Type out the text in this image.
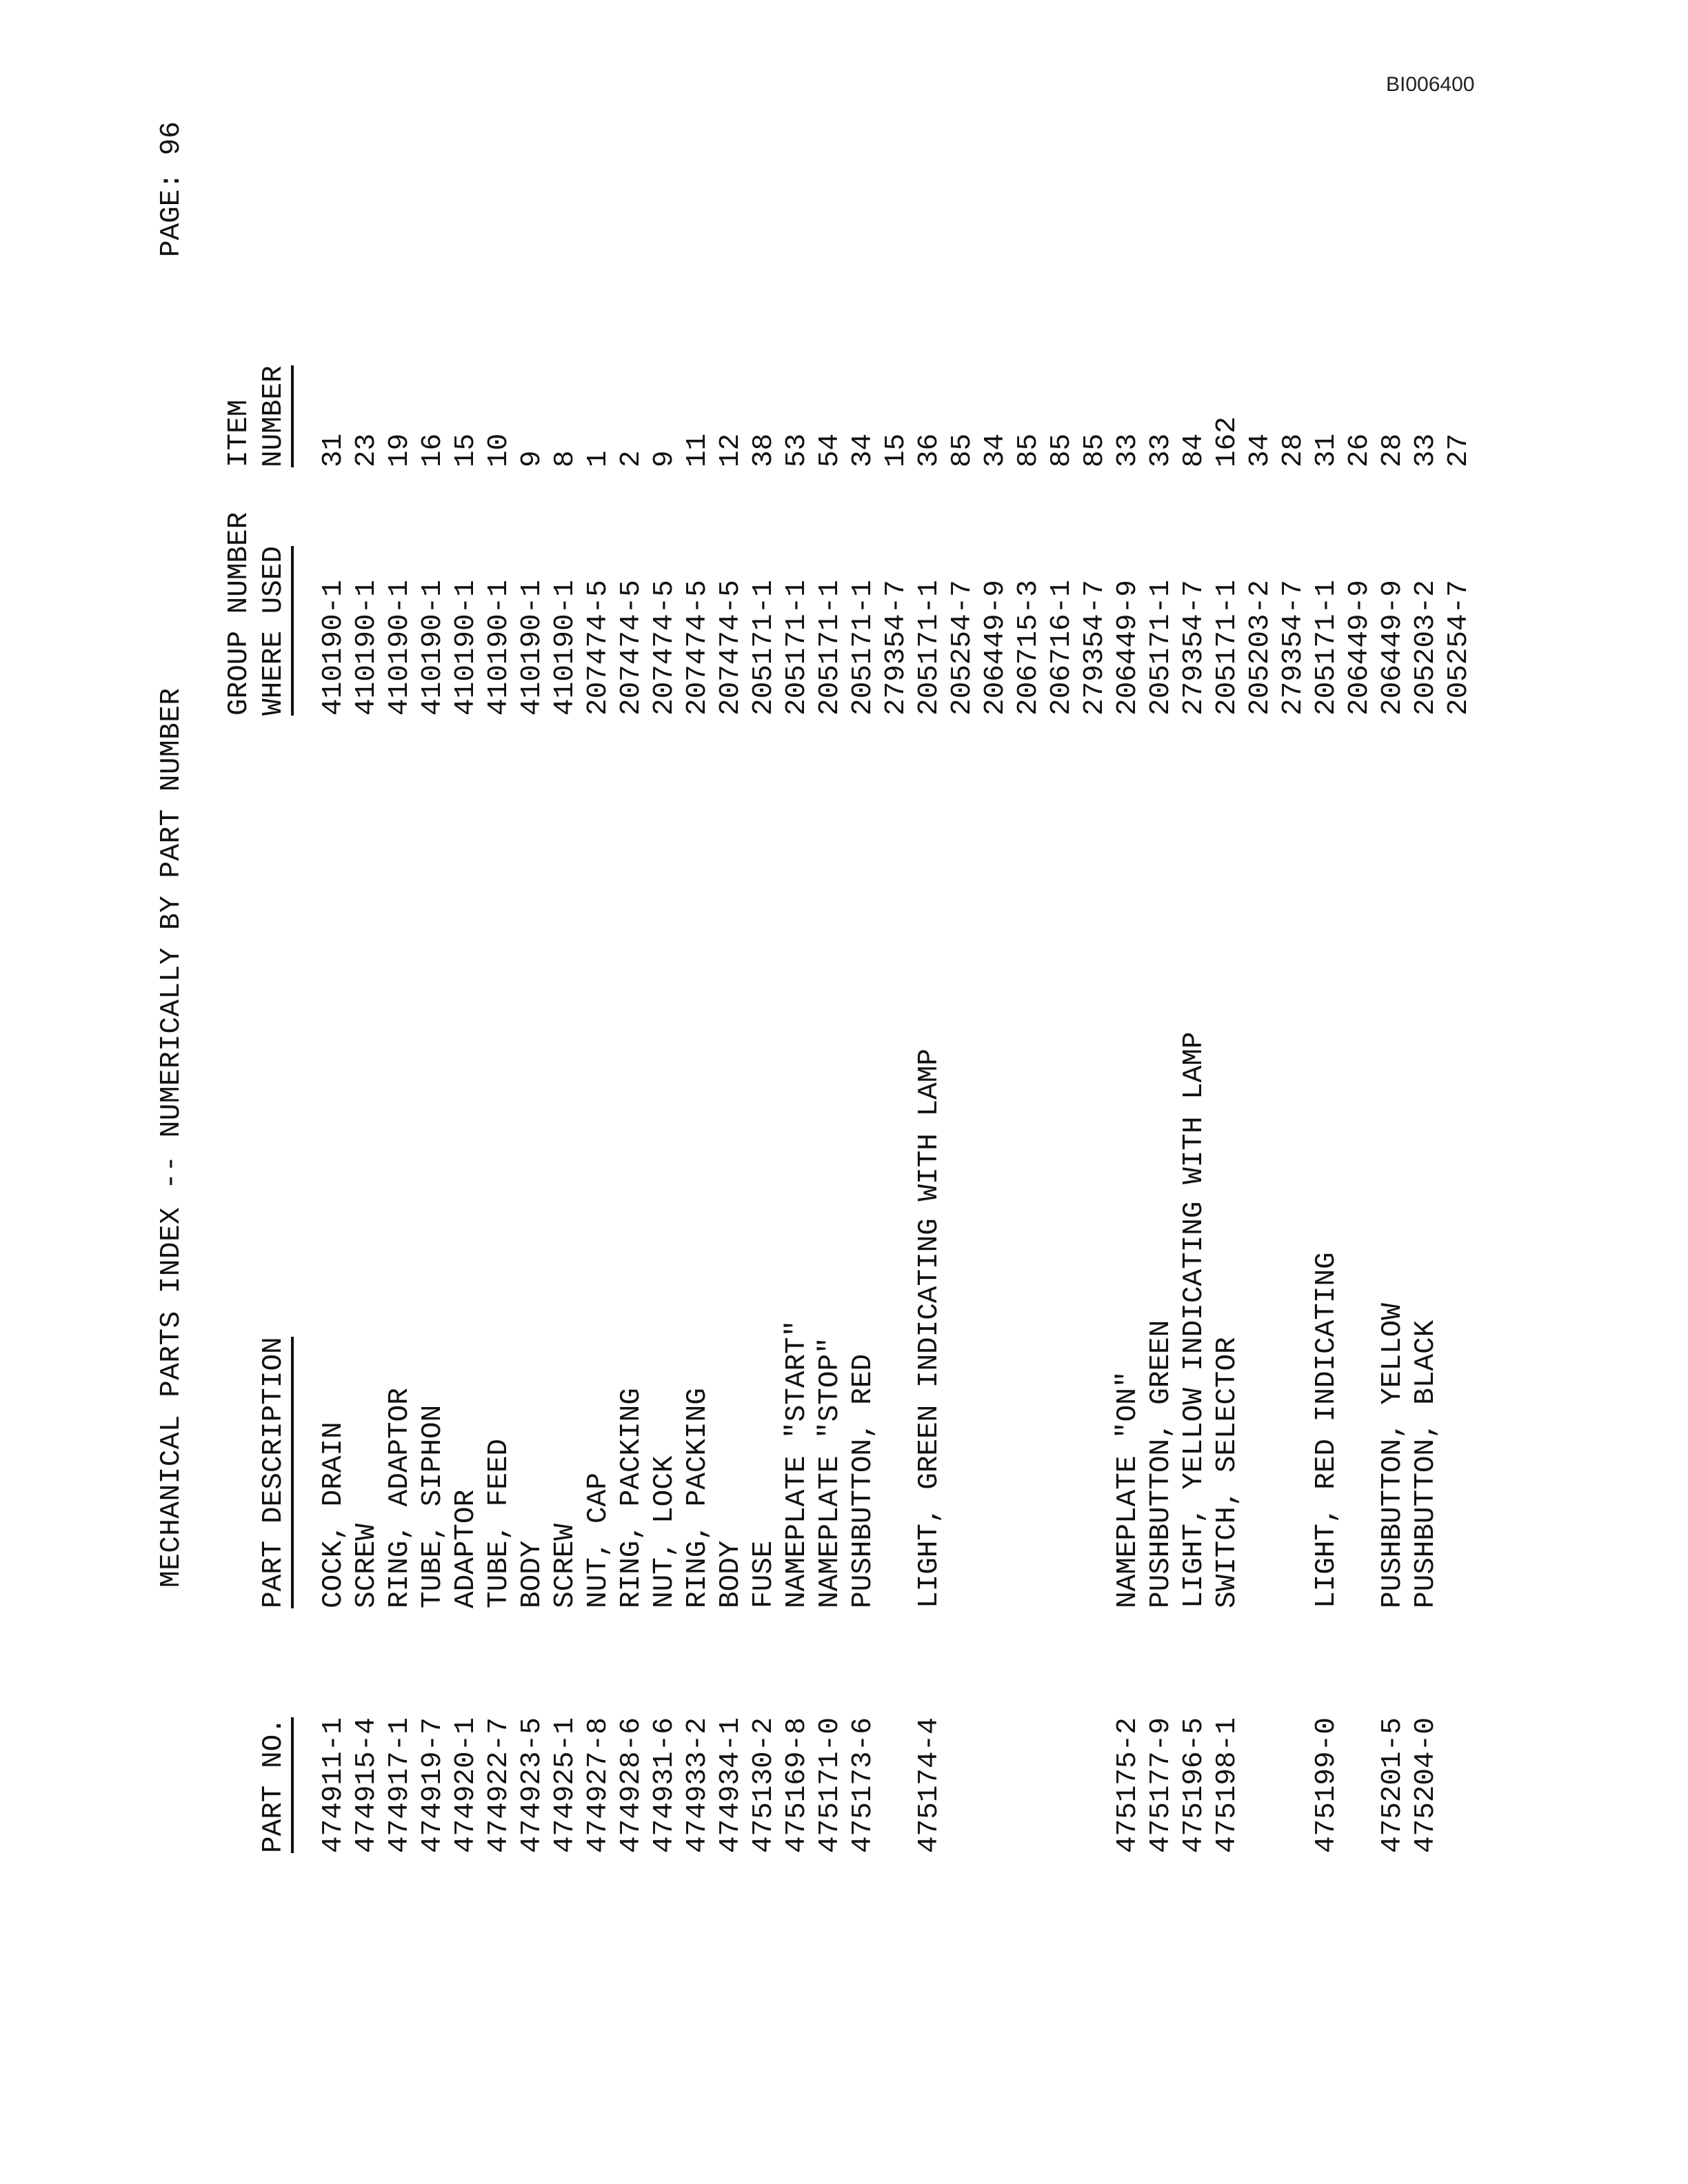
BI006400
MECHANICAL PARTS INDEX -- NUMERICALLY BY PART NUMBER
PAGE: 96
PART NO.
PART DESCRIPTION
GROUP NUMBER WHERE USED
ITEM NUMBER
474911-1
COCK, DRAIN
410190-1
31
474915-4
SCREW
410190-1
23
474917-1
RING, ADAPTOR
410190-1
19
474919-7
TUBE, SIPHON
410190-1
16
474920-1
ADAPTOR
410190-1
15
474922-7
TUBE, FEED
410190-1
10
474923-5
BODY
410190-1
9
474925-1
SCREW
410190-1
8
474927-8
NUT, CAP
207474-5
1
474928-6
RING, PACKING
207474-5
2
474931-6
NUT, LOCK
207474-5
9
474933-2
RING, PACKING
207474-5
11
474934-1
BODY
207474-5
12
475130-2
FUSE
205171-1
38
475169-8
NAMEPLATE "START"
205171-1
53
475171-0
NAMEPLATE "STOP"
205171-1
54
475173-6
PUSHBUTTON, RED
205171-1
34
279354-7
15
475174-4
LIGHT, GREEN INDICATING WITH LAMP
205171-1
36
205254-7
85
206449-9
34
206715-3
85
206716-1
85
279354-7
85
475175-2
NAMEPLATE "ON"
206449-9
33
475177-9
PUSHBUTTON, GREEN
205171-1
33
475196-5
LIGHT, YELLOW INDICATING WITH LAMP
279354-7
84
475198-1
SWITCH, SELECTOR
205171-1
162
205203-2
34
279354-7
28
475199-0
LIGHT, RED INDICATING
205171-1
31
206449-9
26
475201-5
PUSHBUTTON, YELLOW
206449-9
28
475204-0
PUSHBUTTON, BLACK
205203-2
33
205254-7
27
